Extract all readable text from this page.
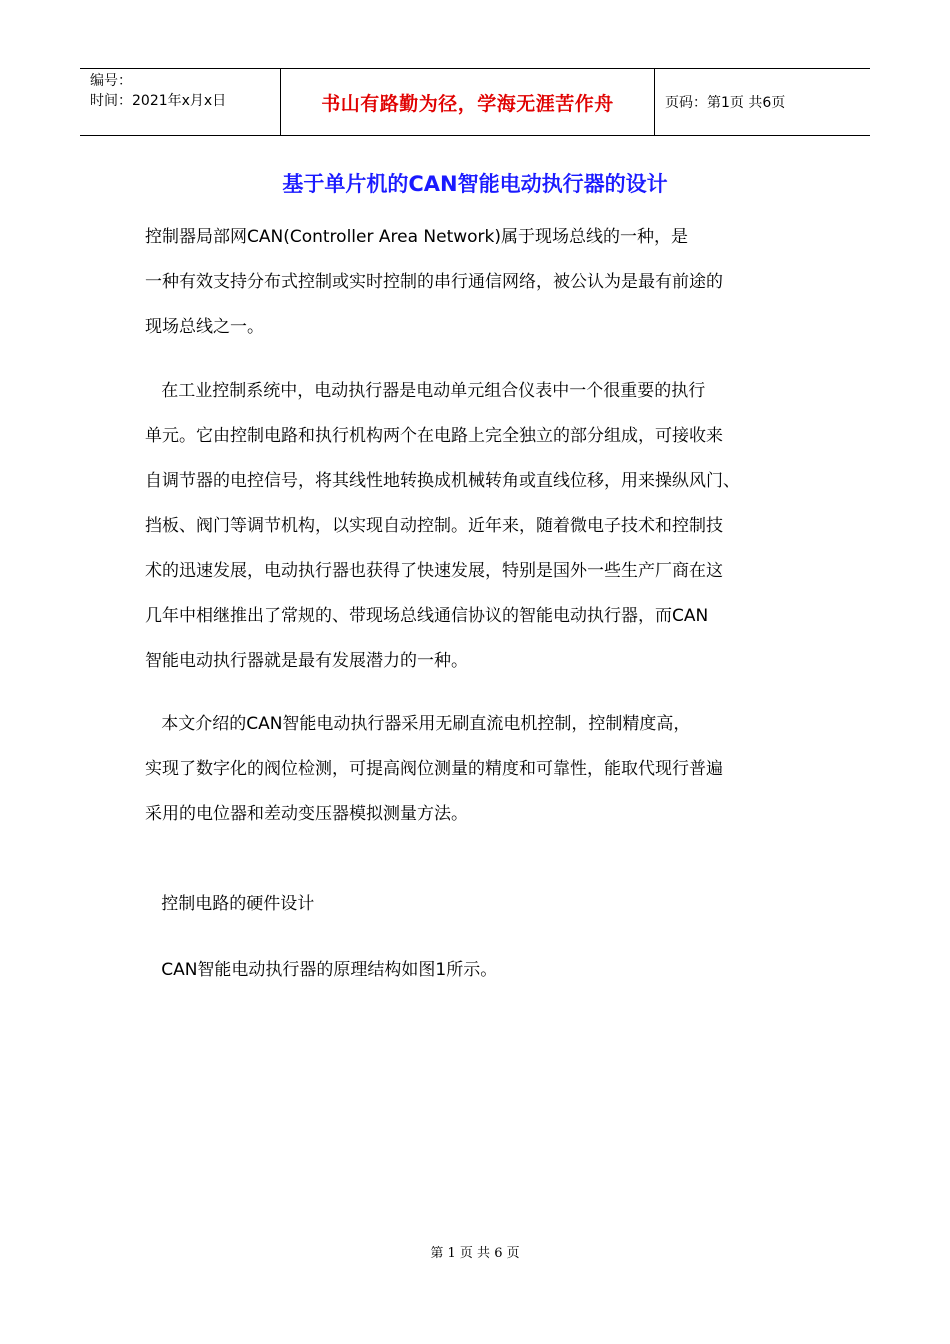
编号：
时间：2021年x月x日	书山有路勤为径，学海无涯苦作舟	页码：第1页 共6页
基于单片机的CAN智能电动执行器的设计
控制器局部网CAN(Controller Area Network)属于现场总线的一种，是
一种有效支持分布式控制或实时控制的串行通信网络，被公认为是最有前途的
现场总线之一。
在工业控制系统中，电动执行器是电动单元组合仪表中一个很重要的执行
单元。它由控制电路和执行机构两个在电路上完全独立的部分组成，可接收来
自调节器的电控信号，将其线性地转换成机械转角或直线位移，用来操纵风门、
挡板、阀门等调节机构，以实现自动控制。近年来，随着微电子技术和控制技
术的迅速发展，电动执行器也获得了快速发展，特别是国外一些生产厂商在这
几年中相继推出了常规的、带现场总线通信协议的智能电动执行器，而CAN
智能电动执行器就是最有发展潜力的一种。
本文介绍的CAN智能电动执行器采用无刷直流电机控制，控制精度高，
实现了数字化的阀位检测，可提高阀位测量的精度和可靠性，能取代现行普遍
采用的电位器和差动变压器模拟测量方法。
控制电路的硬件设计
CAN智能电动执行器的原理结构如图1所示。
第 1 页 共 6 页
